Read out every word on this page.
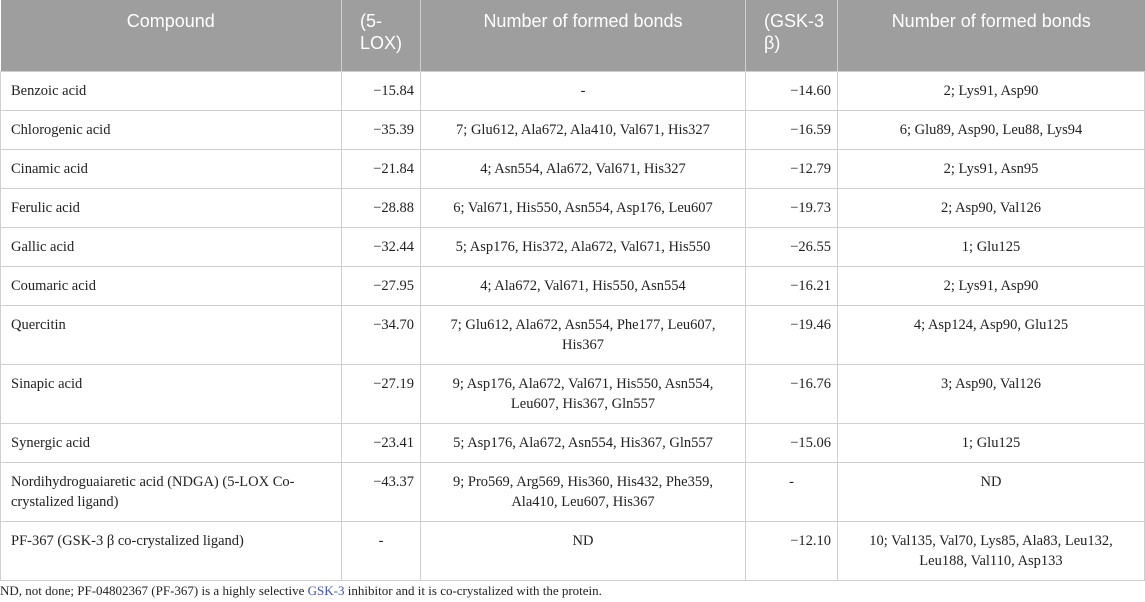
Compound	(5-LOX)	Number of formed bonds	(GSK-3 β)	Number of formed bonds
Benzoic acid	−15.84	-	−14.60	2; Lys91, Asp90
Chlorogenic acid	−35.39	7; Glu612, Ala672, Ala410, Val671, His327	−16.59	6; Glu89, Asp90, Leu88, Lys94
Cinamic acid	−21.84	4; Asn554, Ala672, Val671, His327	−12.79	2; Lys91, Asn95
Ferulic acid	−28.88	6; Val671, His550, Asn554, Asp176, Leu607	−19.73	2; Asp90, Val126
Gallic acid	−32.44	5; Asp176, His372, Ala672, Val671, His550	−26.55	1; Glu125
Coumaric acid	−27.95	4; Ala672, Val671, His550, Asn554	−16.21	2; Lys91, Asp90
Quercitin	−34.70	7; Glu612, Ala672, Asn554, Phe177, Leu607, His367	−19.46	4; Asp124, Asp90, Glu125
Sinapic acid	−27.19	9; Asp176, Ala672, Val671, His550, Asn554, Leu607, His367, Gln557	−16.76	3; Asp90, Val126
Synergic acid	−23.41	5; Asp176, Ala672, Asn554, His367, Gln557	−15.06	1; Glu125
Nordihydroguaiaretic acid (NDGA) (5-LOX Co-crystalized ligand)	−43.37	9; Pro569, Arg569, His360, His432, Phe359, Ala410, Leu607, His367	-	ND
PF-367 (GSK-3 β co-crystalized ligand)	-	ND	−12.10	10; Val135, Val70, Lys85, Ala83, Leu132, Leu188, Val110, Asp133
ND, not done; PF-04802367 (PF-367) is a highly selective GSK-3 inhibitor and it is co-crystalized with the protein.
